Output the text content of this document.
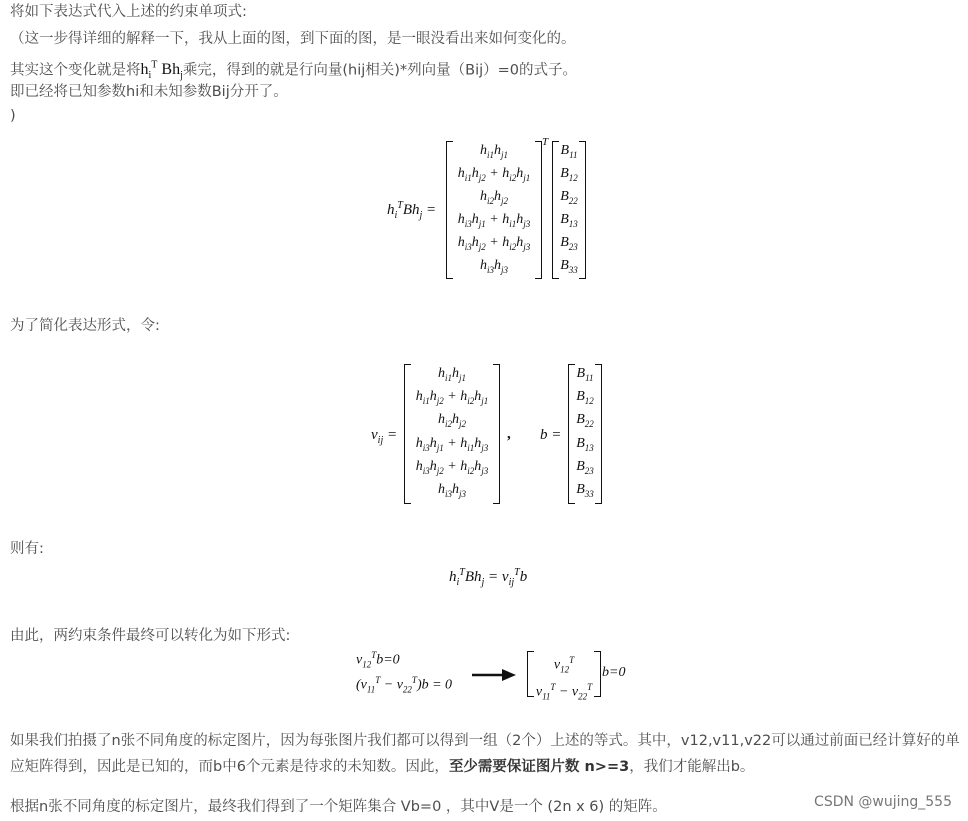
将如下表达式代入上述的约束单项式:
（这一步得详细的解释一下，我从上面的图，到下面的图，是一眼没看出来如何变化的。
其实这个变化就是将$h_i^T$ $Bh_j$乘完，得到的就是行向量(hij相关)*列向量（Bij）=0的式子。
即已经将已知参数hi和未知参数Bij分开了。
)
$h_i^TBh_j$ =
$h_{i1}h_{j1}$
$h_{i1}h_{j2} + h_{i2}h_{j1}$
$h_{i2}h_{j2}$
$h_{i3}h_{j1} + h_{i1}h_{j3}$
$h_{i3}h_{j2} + h_{i2}h_{j3}$
$h_{i3}h_{j3}$
T
$B_{11}$
$B_{12}$
$B_{22}$
$B_{13}$
$B_{23}$
$B_{33}$
为了简化表达形式，令:
$v_{ij}$ =
$h_{i1}h_{j1}$
$h_{i1}h_{j2} + h_{i2}h_{j1}$
$h_{i2}h_{j2}$
$h_{i3}h_{j1} + h_{i1}h_{j3}$
$h_{i3}h_{j2} + h_{i2}h_{j3}$
$h_{i3}h_{j3}$
, b =
$B_{11}$
$B_{12}$
$B_{22}$
$B_{13}$
$B_{23}$
$B_{33}$
则有:
$h_i^TBh_j = v_{ij}^Tb$
由此，两约束条件最终可以转化为如下形式:
$v_{12}^Tb=0$
$(v_{11}^T - v_{22}^T)b = 0$
$v_{12}^T$
$v_{11}^T - v_{22}^T$
b=0
如果我们拍摄了n张不同角度的标定图片，因为每张图片我们都可以得到一组（2个）上述的等式。其中，v12,v11,v22可以通过前面已经计算好的单应矩阵得到，因此是已知的，而b中6个元素是待求的未知数。因此，至少需要保证图片数 n>=3，我们才能解出b。
根据n张不同角度的标定图片，最终我们得到了一个矩阵集合 Vb=0 ，其中V是一个 (2n x 6) 的矩阵。	CSDN @wujing_555
